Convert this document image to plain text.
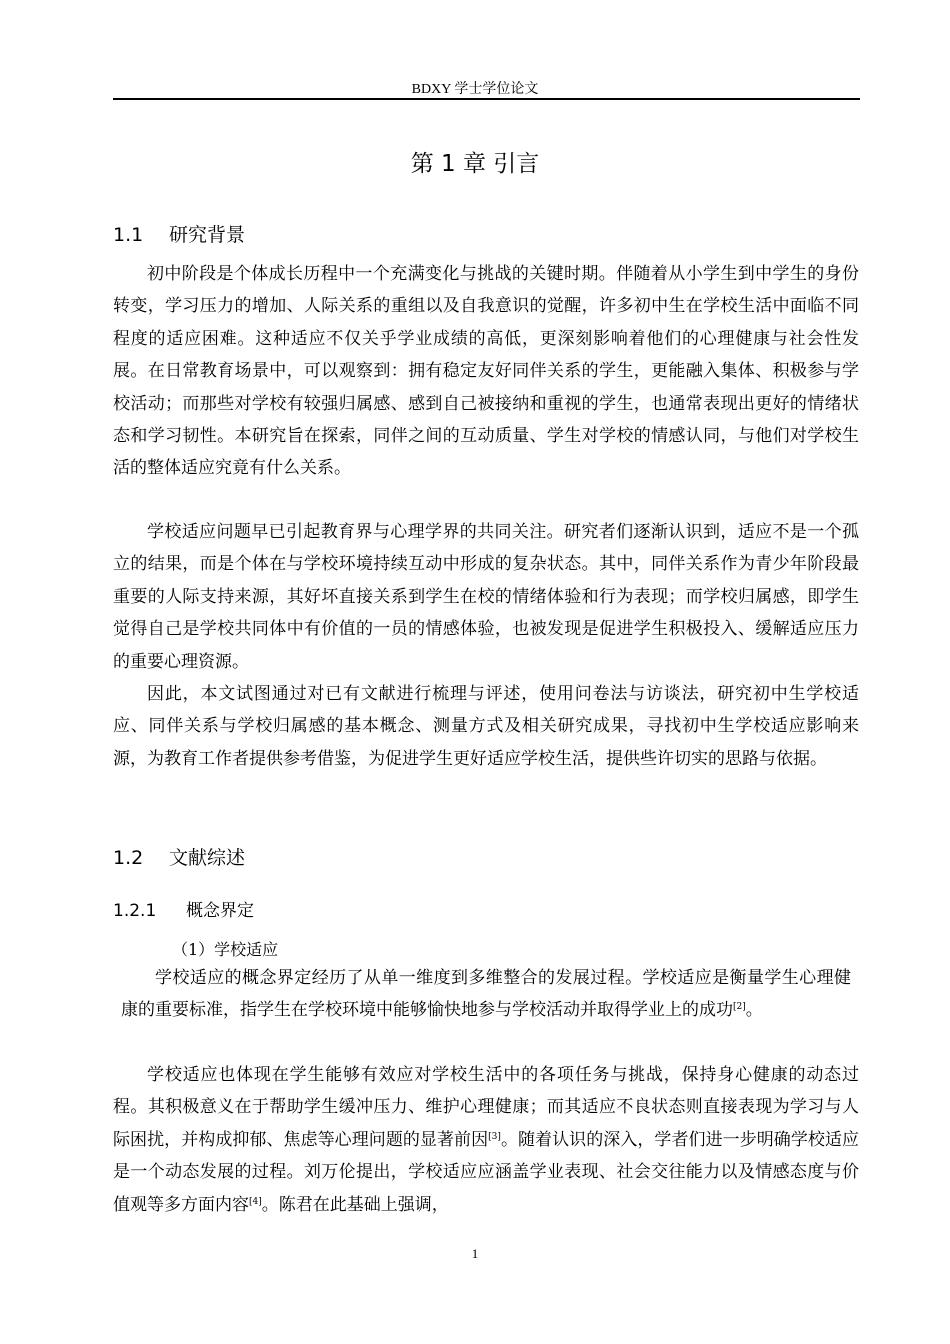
BDXY 学士学位论文
第 1 章 引言
1.1 研究背景

初中阶段是个体成长历程中一个充满变化与挑战的关键时期。伴随着从小学生到中学生的身份转变，学习压力的增加、人际关系的重组以及自我意识的觉醒，许多初中生在学校生活中面临不同程度的适应困难。这种适应不仅关乎学业成绩的高低，更深刻影响着他们的心理健康与社会性发展。在日常教育场景中，可以观察到：拥有稳定友好同伴关系的学生，更能融入集体、积极参与学校活动；而那些对学校有较强归属感、感到自己被接纳和重视的学生，也通常表现出更好的情绪状态和学习韧性。本研究旨在探索，同伴之间的互动质量、学生对学校的情感认同，与他们对学校生活的整体适应究竟有什么关系。

学校适应问题早已引起教育界与心理学界的共同关注。研究者们逐渐认识到，适应不是一个孤立的结果，而是个体在与学校环境持续互动中形成的复杂状态。其中，同伴关系作为青少年阶段最重要的人际支持来源，其好坏直接关系到学生在校的情绪体验和行为表现；而学校归属感，即学生觉得自己是学校共同体中有价值的一员的情感体验，也被发现是促进学生积极投入、缓解适应压力的重要心理资源。

因此，本文试图通过对已有文献进行梳理与评述，使用问卷法与访谈法，研究初中生学校适应、同伴关系与学校归属感的基本概念、测量方式及相关研究成果，寻找初中生学校适应影响来源，为教育工作者提供参考借鉴，为促进学生更好适应学校生活，提供些许切实的思路与依据。

1.2 文献综述
1.2.1 概念界定
（1）学校适应

学校适应的概念界定经历了从单一维度到多维整合的发展过程。学校适应是衡量学生心理健康的重要标准，指学生在学校环境中能够愉快地参与学校活动并取得学业上的成功[2]。

学校适应也体现在学生能够有效应对学校生活中的各项任务与挑战，保持身心健康的动态过程。其积极意义在于帮助学生缓冲压力、维护心理健康；而其适应不良状态则直接表现为学习与人际困扰，并构成抑郁、焦虑等心理问题的显著前因[3]。随着认识的深入，学者们进一步明确学校适应是一个动态发展的过程。刘万伦提出，学校适应应涵盖学业表现、社会交往能力以及情感态度与价值观等多方面内容[4]。陈君在此基础上强调，

1
